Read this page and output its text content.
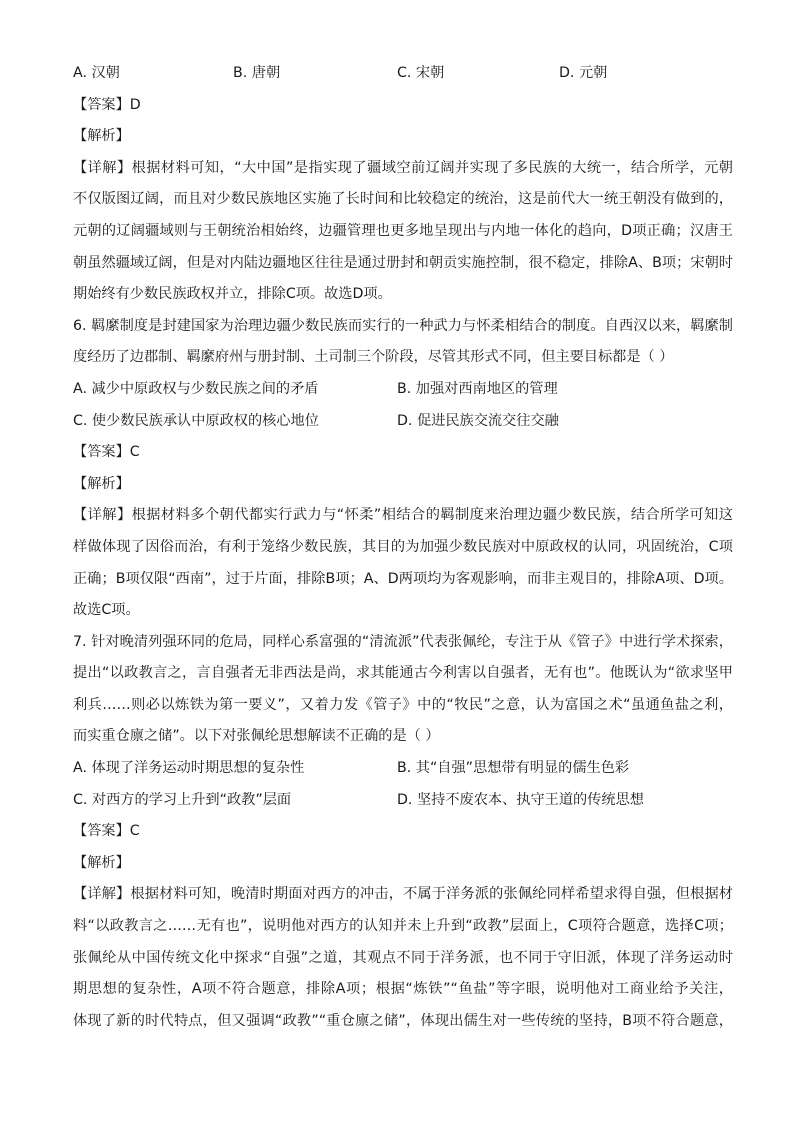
A. 汉朝	B. 唐朝	C. 宋朝	D. 元朝
【答案】D
【解析】
【详解】根据材料可知，“大中国”是指实现了疆域空前辽阔并实现了多民族的大统一，结合所学，元朝
不仅版图辽阔，而且对少数民族地区实施了长时间和比较稳定的统治，这是前代大一统王朝没有做到的，
元朝的辽阔疆域则与王朝统治相始终，边疆管理也更多地呈现出与内地一体化的趋向，D项正确；汉唐王
朝虽然疆域辽阔，但是对内陆边疆地区往往是通过册封和朝贡实施控制，很不稳定，排除A、B项；宋朝时
期始终有少数民族政权并立，排除C项。故选D项。
6. 羁縻制度是封建国家为治理边疆少数民族而实行的一种武力与怀柔相结合的制度。自西汉以来，羁縻制
度经历了边郡制、羁縻府州与册封制、土司制三个阶段，尽管其形式不同，但主要目标都是（ ）
A. 减少中原政权与少数民族之间的矛盾	B. 加强对西南地区的管理
C. 使少数民族承认中原政权的核心地位	D. 促进民族交流交往交融
【答案】C
【解析】
【详解】根据材料多个朝代都实行武力与“怀柔”相结合的羁制度来治理边疆少数民族，结合所学可知这
样做体现了因俗而治，有利于笼络少数民族，其目的为加强少数民族对中原政权的认同，巩固统治，C项
正确；B项仅限“西南”，过于片面，排除B项；A、D两项均为客观影响，而非主观目的，排除A项、D项。
故选C项。
7. 针对晚清列强环同的危局，同样心系富强的“清流派”代表张佩纶，专注于从《管子》中进行学术探索，
提出“以政教言之，言自强者无非西法是尚，求其能通古今利害以自强者，无有也”。他既认为“欲求坚甲
利兵……则必以炼铁为第一要义”，又着力发《管子》中的“牧民”之意，认为富国之术“虽通鱼盐之利，
而实重仓廪之储”。以下对张佩纶思想解读不正确的是（ ）
A. 体现了洋务运动时期思想的复杂性	B. 其“自强”思想带有明显的儒生色彩
C. 对西方的学习上升到“政教”层面	D. 坚持不废农本、执守王道的传统思想
【答案】C
【解析】
【详解】根据材料可知，晚清时期面对西方的冲击，不属于洋务派的张佩纶同样希望求得自强，但根据材
料“以政教言之……无有也”，说明他对西方的认知并未上升到“政教”层面上，C项符合题意，选择C项；
张佩纶从中国传统文化中探求“自强”之道，其观点不同于洋务派，也不同于守旧派，体现了洋务运动时
期思想的复杂性，A项不符合题意，排除A项；根据“炼铁”“鱼盐”等字眼，说明他对工商业给予关注，
体现了新的时代特点，但又强调“政教”“重仓廪之储”，体现出儒生对一些传统的坚持，B项不符合题意，
